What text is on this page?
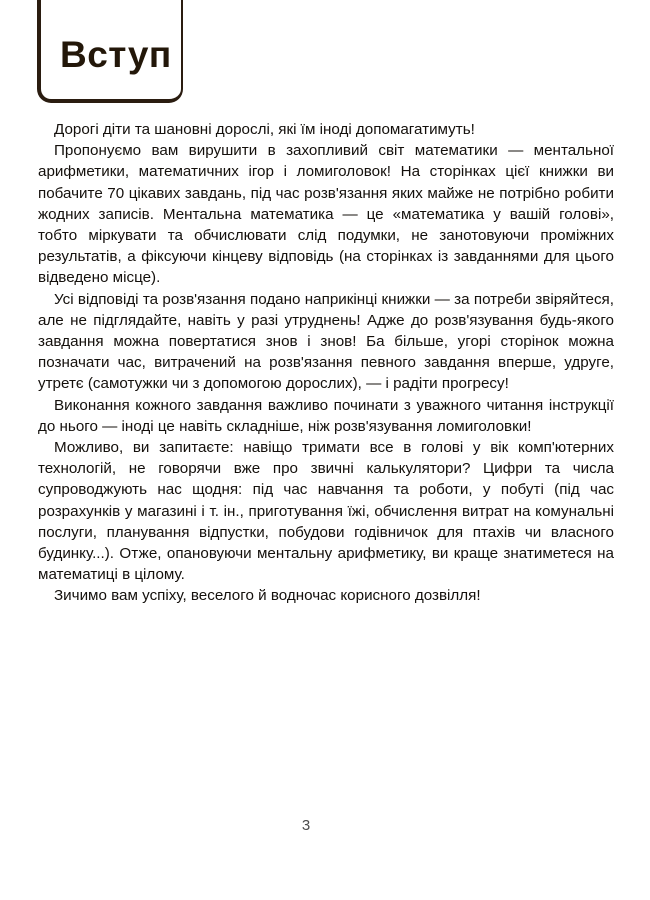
Вступ

Дорогі діти та шановні дорослі, які їм іноді допомагатимуть!

Пропонуємо вам вирушити в захопливий світ математики — ментальної арифметики, математичних ігор і ломиголовок! На сторінках цієї книжки ви побачите 70 цікавих завдань, під час розв'язання яких майже не потрібно робити жодних записів. Ментальна математика — це «математика у вашій голові», тобто міркувати та обчислювати слід подумки, не занотовуючи проміжних результатів, а фіксуючи кінцеву відповідь (на сторінках із завданнями для цього відведено місце).

Усі відповіді та розв'язання подано наприкінці книжки — за потреби звіряйтеся, але не підглядайте, навіть у разі утруднень! Адже до розв'язування будь-якого завдання можна повертатися знов і знов! Ба більше, угорі сторінок можна позначати час, витрачений на розв'язання певного завдання вперше, удруге, утретє (самотужки чи з допомогою дорослих), — і радіти прогресу!

Виконання кожного завдання важливо починати з уважного читання інструкції до нього — іноді це навіть складніше, ніж розв'язування ломиголовки!

Можливо, ви запитаєте: навіщо тримати все в голові у вік комп'ютерних технологій, не говорячи вже про звичні калькулятори? Цифри та числа супроводжують нас щодня: під час навчання та роботи, у побуті (під час розрахунків у магазині і т. ін., приготування їжі, обчислення витрат на комунальні послуги, планування відпустки, побудови годівничок для птахів чи власного будинку...). Отже, опановуючи ментальну арифметику, ви краще знатиметеся на математиці в цілому.

Зичимо вам успіху, веселого й водночас корисного дозвілля!

3
